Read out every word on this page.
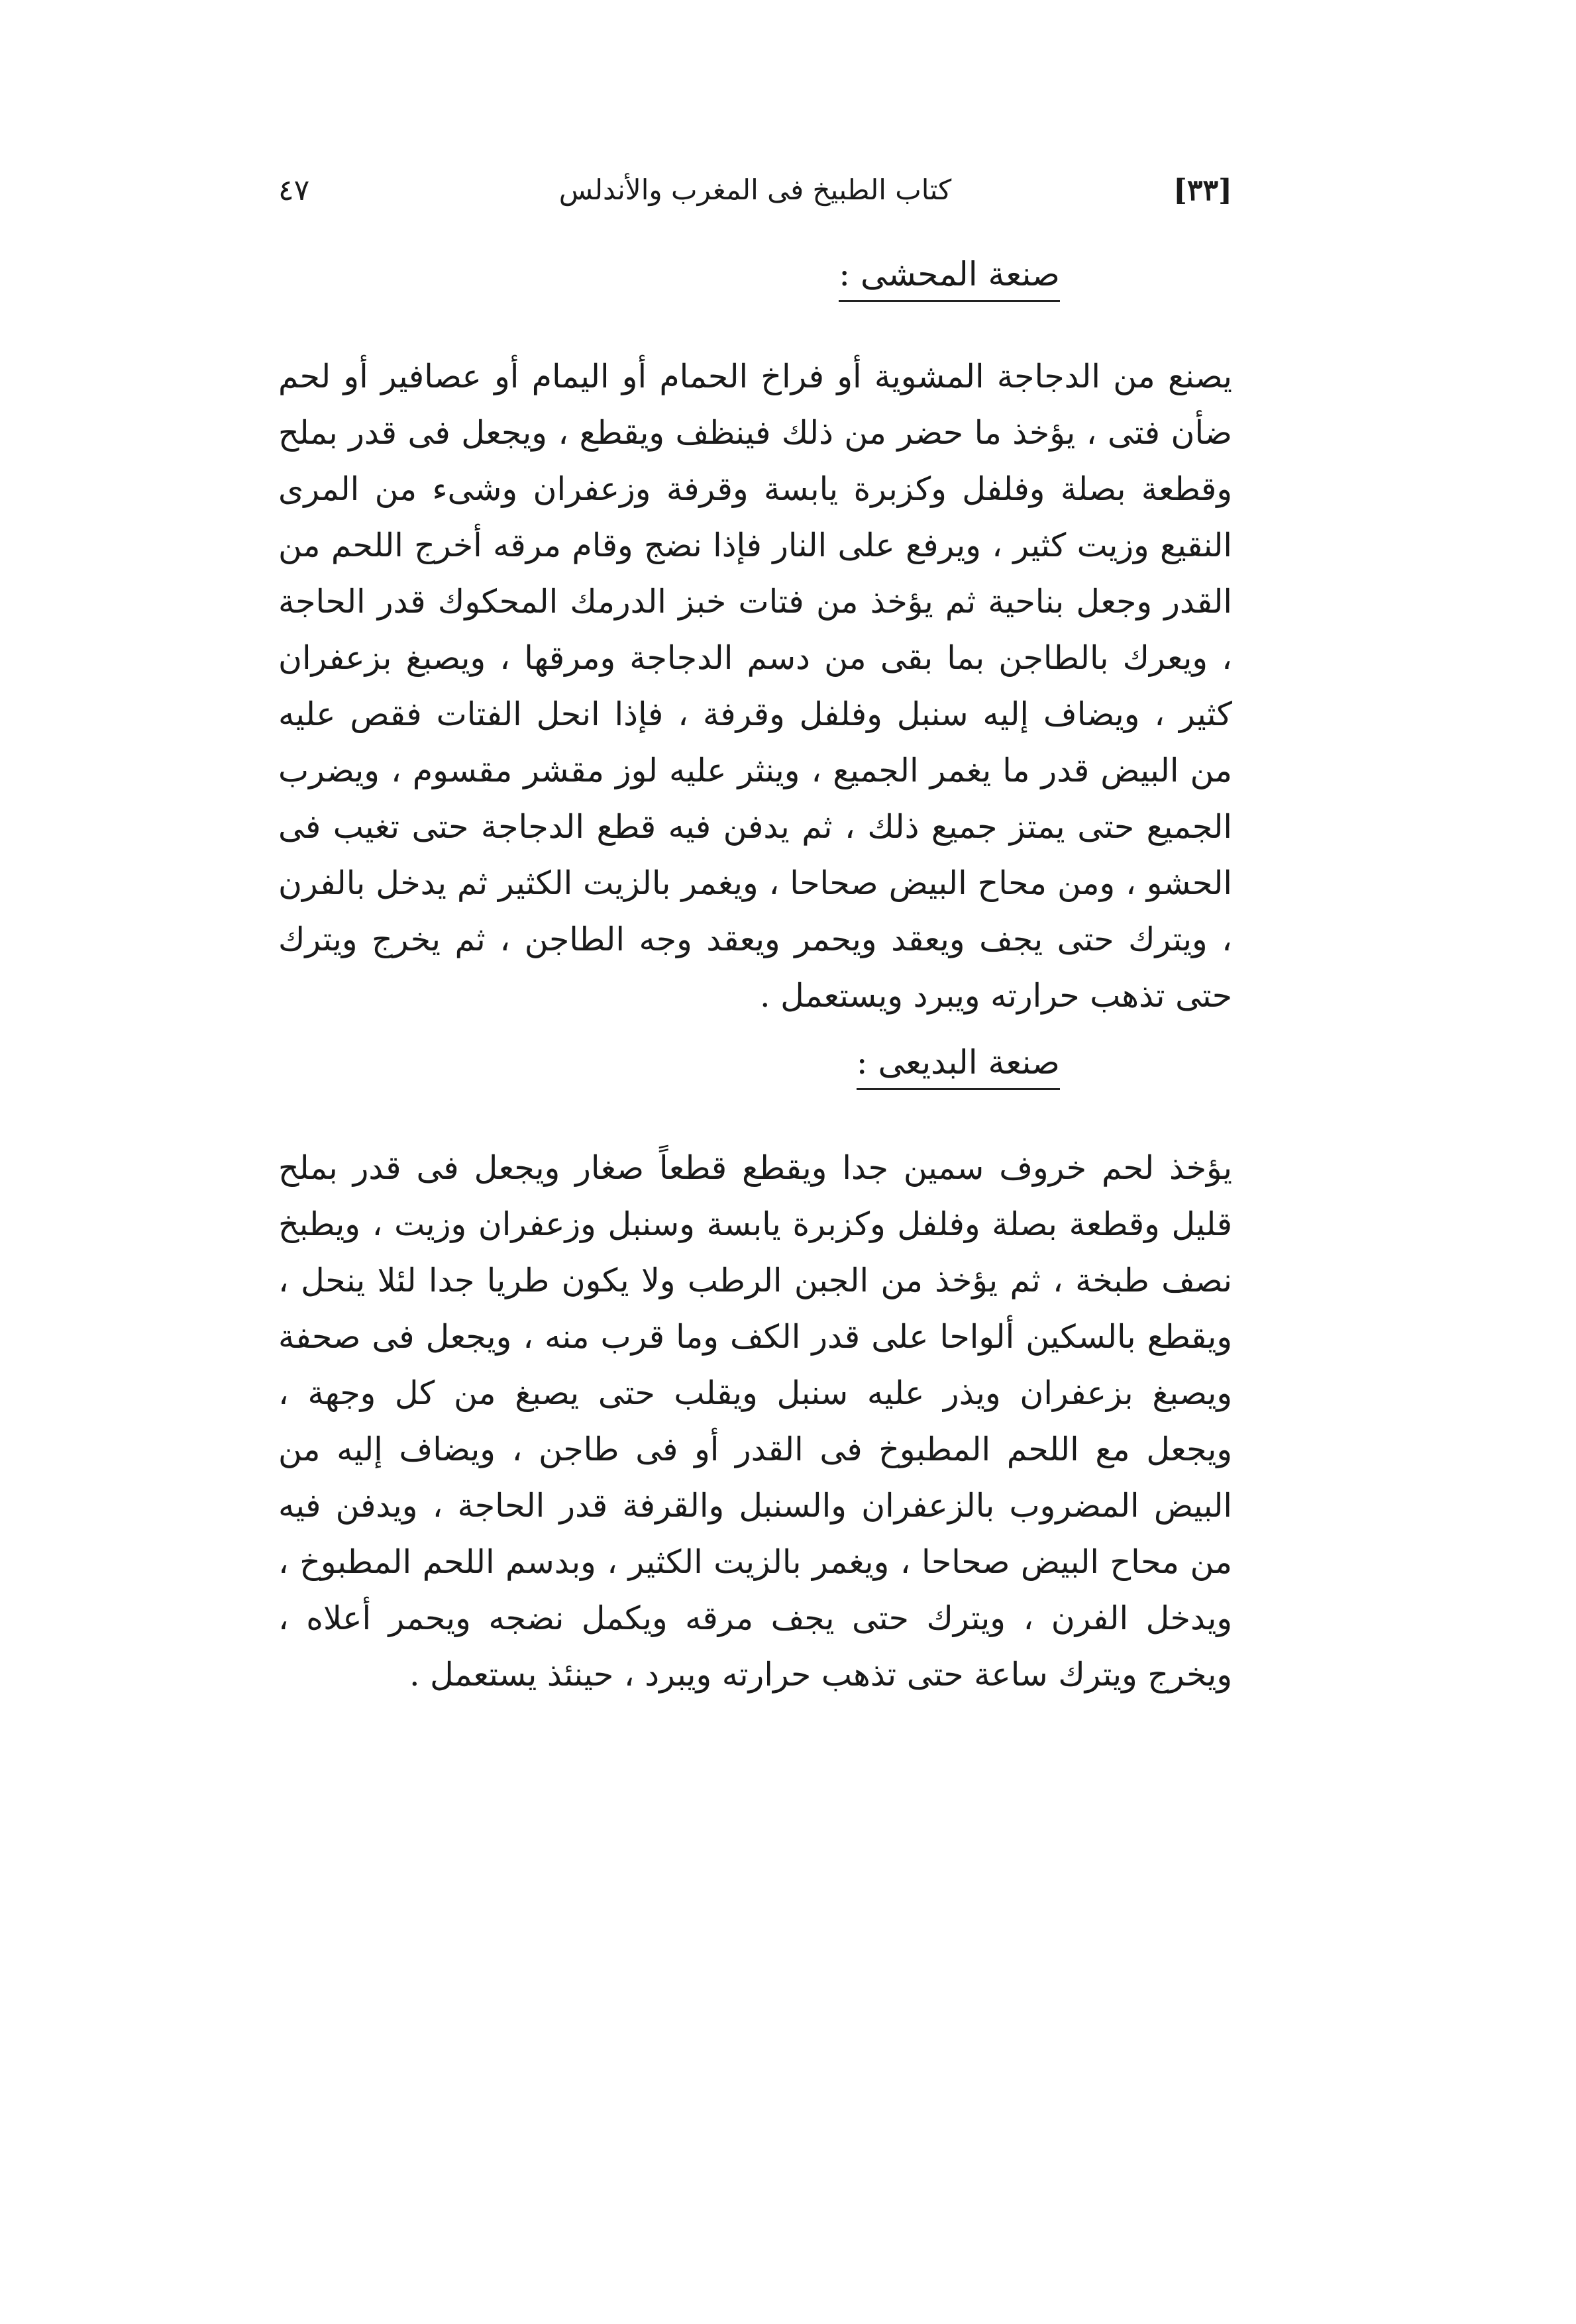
[٣٣]
كتاب الطبيخ فى المغرب والأندلس
٤٧
صنعة المحشى :

يصنع من الدجاجة المشوية أو فراخ الحمام أو اليمام أو عصافير أو لحم ضأن فتى ، يؤخذ ما حضر من ذلك فينظف ويقطع ، ويجعل فى قدر بملح وقطعة بصلة وفلفل وكزبرة يابسة وقرفة وزعفران وشىء من المرى النقيع وزيت كثير ، ويرفع على النار فإذا نضج وقام مرقه أخرج اللحم من القدر وجعل بناحية ثم يؤخذ من فتات خبز الدرمك المحكوك قدر الحاجة ، ويعرك بالطاجن بما بقى من دسم الدجاجة ومرقها ، ويصبغ بزعفران كثير ، ويضاف إليه سنبل وفلفل وقرفة ، فإذا انحل الفتات فقص عليه من البيض قدر ما يغمر الجميع ، وينثر عليه لوز مقشر مقسوم ، ويضرب الجميع حتى يمتز جميع ذلك ، ثم يدفن فيه قطع الدجاجة حتى تغيب فى الحشو ، ومن محاح البيض صحاحا ، ويغمر بالزيت الكثير ثم يدخل بالفرن ، ويترك حتى يجف ويعقد ويحمر ويعقد وجه الطاجن ، ثم يخرج ويترك حتى تذهب حرارته ويبرد ويستعمل .

صنعة البديعى :

يؤخذ لحم خروف سمين جدا ويقطع قطعاً صغار ويجعل فى قدر بملح قليل وقطعة بصلة وفلفل وكزبرة يابسة وسنبل وزعفران وزيت ، ويطبخ نصف طبخة ، ثم يؤخذ من الجبن الرطب ولا يكون طريا جدا لئلا ينحل ، ويقطع بالسكين ألواحا على قدر الكف وما قرب منه ، ويجعل فى صحفة ويصبغ بزعفران ويذر عليه سنبل ويقلب حتى يصبغ من كل وجهة ، ويجعل مع اللحم المطبوخ فى القدر أو فى طاجن ، ويضاف إليه من البيض المضروب بالزعفران والسنبل والقرفة قدر الحاجة ، ويدفن فيه من محاح البيض صحاحا ، ويغمر بالزيت الكثير ، وبدسم اللحم المطبوخ ، ويدخل الفرن ، ويترك حتى يجف مرقه ويكمل نضجه ويحمر أعلاه ، ويخرج ويترك ساعة حتى تذهب حرارته ويبرد ، حينئذ يستعمل .
